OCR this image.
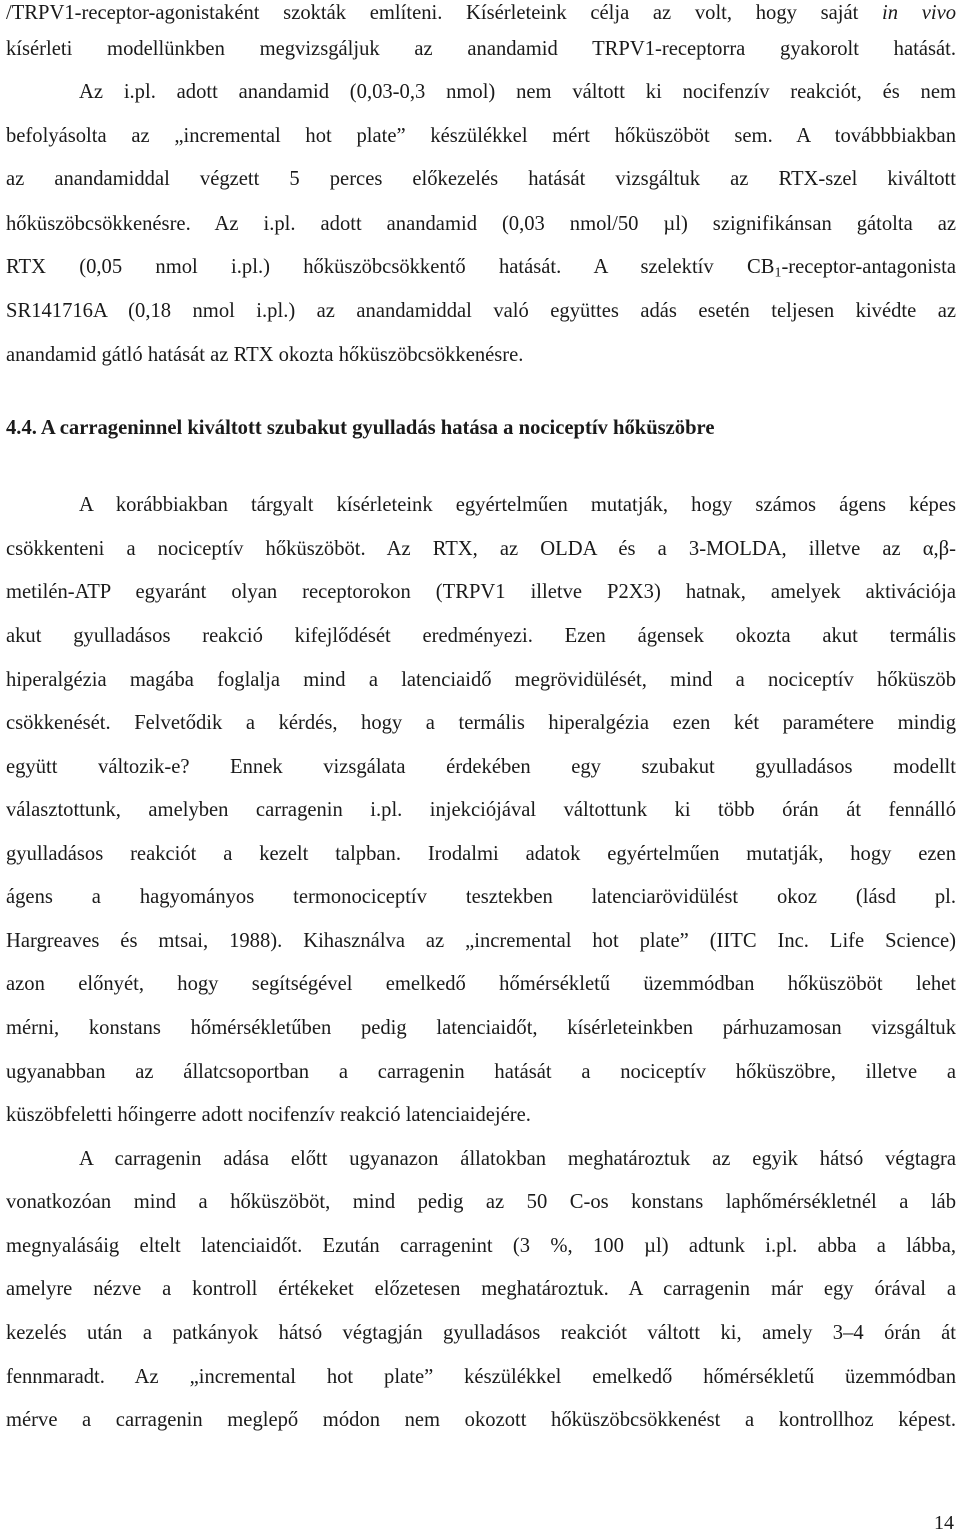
/TRPV1-receptor-agonistaként szokták említeni. Kísérleteink célja az volt, hogy saját in vivo
kísérleti modellünkben megvizsgáljuk az anandamid TRPV1-receptorra gyakorolt hatását.
Az i.pl. adott anandamid (0,03-0,3 nmol) nem váltott ki nocifenzív reakciót, és nem
befolyásolta az „incremental hot plate” készülékkel mért hőküszöböt sem. A továbbbiakban
az anandamiddal végzett 5 perces előkezelés hatását vizsgáltuk az RTX-szel kiváltott
hőküszöbcsökkenésre. Az i.pl. adott anandamid (0,03 nmol/50 µl) szignifikánsan gátolta az
RTX (0,05 nmol i.pl.) hőküszöbcsökkentő hatását. A szelektív $CB_1-receptor$-antagonista
SR141716A (0,18 nmol i.pl.) az anandamiddal való együttes adás esetén teljesen kivédte az
anandamid gátló hatását az RTX okozta hőküszöbcsökkenésre.
4.4. A carrageninnel kiváltott szubakut gyulladás hatása a nociceptív hőküszöbre
A korábbiakban tárgyalt kísérleteink egyértelműen mutatják, hogy számos ágens képes
csökkenteni a nociceptív hőküszöböt. Az RTX, az OLDA és a 3-MOLDA, illetve az α,β-
metilén-ATP egyaránt olyan receptorokon (TRPV1 illetve P2X3) hatnak, amelyek aktivációja
akut gyulladásos reakció kifejlődését eredményezi. Ezen ágensek okozta akut termális
hiperalgézia magába foglalja mind a latenciaidő megrövidülését, mind a nociceptív hőküszöb
csökkenését. Felvetődik a kérdés, hogy a termális hiperalgézia ezen két paramétere mindig
együtt változik-e? Ennek vizsgálata érdekében egy szubakut gyulladásos modellt
választottunk, amelyben carragenin i.pl. injekciójával váltottunk ki több órán át fennálló
gyulladásos reakciót a kezelt talpban. Irodalmi adatok egyértelműen mutatják, hogy ezen
ágens a hagyományos termonociceptív tesztekben latenciarövidülést okoz (lásd pl.
Hargreaves és mtsai, 1988). Kihasználva az „incremental hot plate” (IITC Inc. Life Science)
azon előnyét, hogy segítségével emelkedő hőmérsékletű üzemmódban hőküszöböt lehet
mérni, konstans hőmérsékletűben pedig latenciaidőt, kísérleteinkben párhuzamosan vizsgáltuk
ugyanabban az állatcsoportban a carragenin hatását a nociceptív hőküszöbre, illetve a
küszöbfeletti hőingerre adott nocifenzív reakció latenciaidejére.
A carragenin adása előtt ugyanazon állatokban meghatároztuk az egyik hátsó végtagra
vonatkozóan mind a hőküszöböt, mind pedig az 50 C-os konstans laphőmérsékletnél a láb
megnyalásáig eltelt latenciaidőt. Ezután carragenint (3 %, 100 µl) adtunk i.pl. abba a lábba,
amelyre nézve a kontroll értékeket előzetesen meghatároztuk. A carragenin már egy órával a
kezelés után a patkányok hátsó végtagján gyulladásos reakciót váltott ki, amely 3–4 órán át
fennmaradt. Az „incremental hot plate” készülékkel emelkedő hőmérsékletű üzemmódban
mérve a carragenin meglepő módon nem okozott hőküszöbcsökkenést a kontrollhoz képest.
14
